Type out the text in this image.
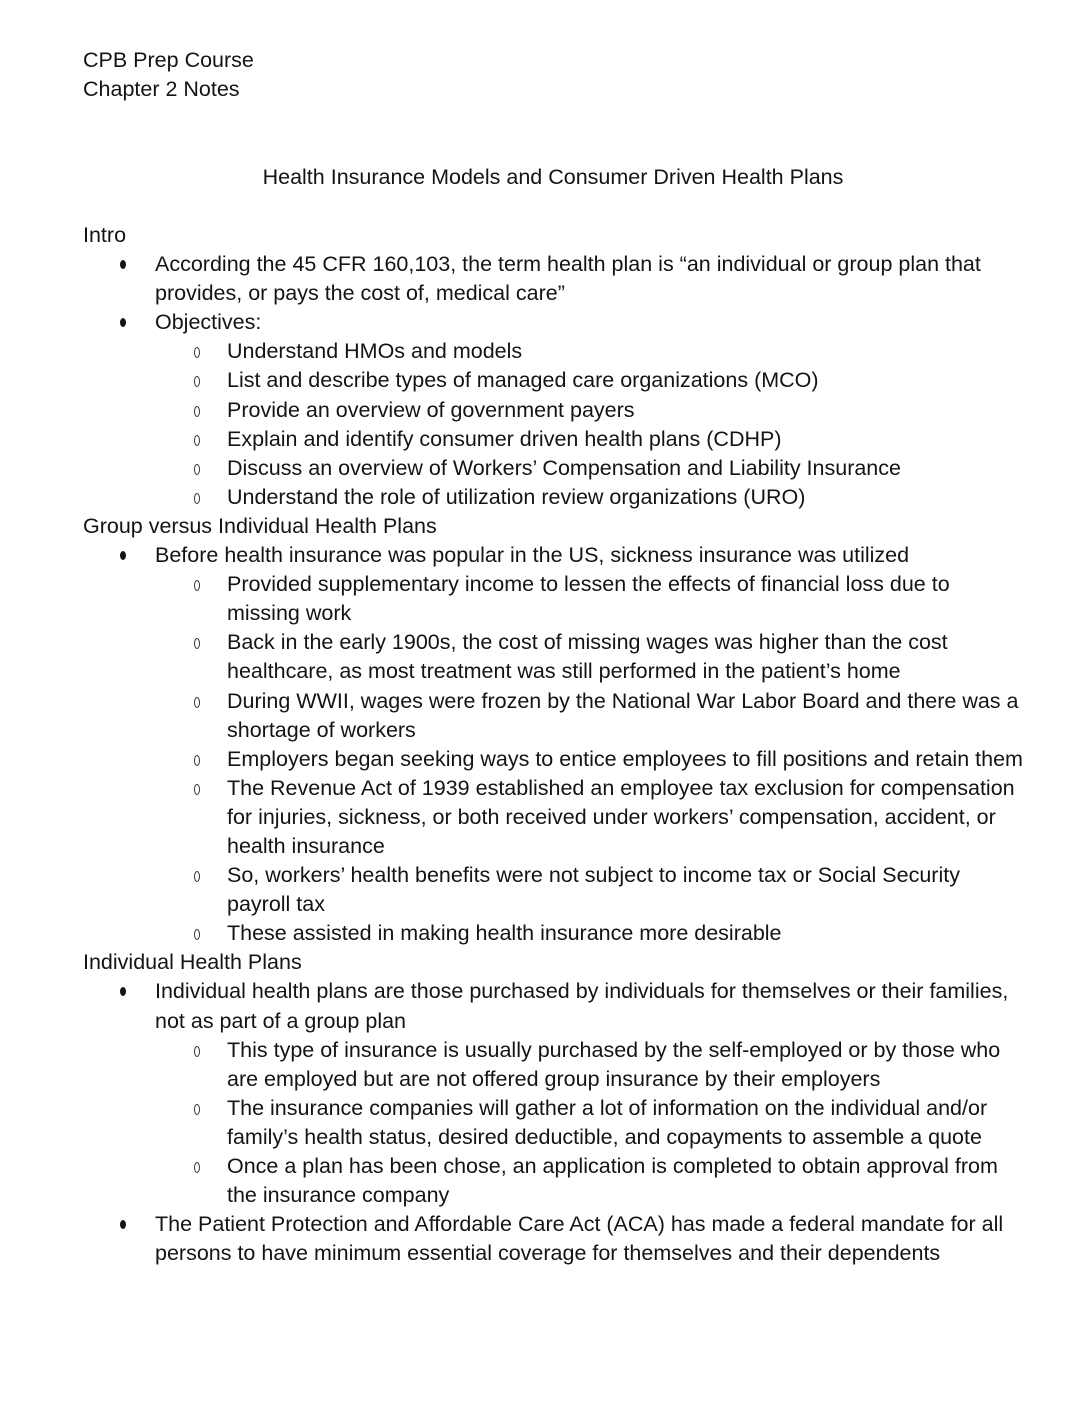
CPB Prep Course
Chapter 2 Notes
Health Insurance Models and Consumer Driven Health Plans
Intro
According the 45 CFR 160,103, the term health plan is “an individual or group plan that provides, or pays the cost of, medical care”
Objectives:
Understand HMOs and models
List and describe types of managed care organizations (MCO)
Provide an overview of government payers
Explain and identify consumer driven health plans (CDHP)
Discuss an overview of Workers’ Compensation and Liability Insurance
Understand the role of utilization review organizations (URO)
Group versus Individual Health Plans
Before health insurance was popular in the US, sickness insurance was utilized
Provided supplementary income to lessen the effects of financial loss due to missing work
Back in the early 1900s, the cost of missing wages was higher than the cost healthcare, as most treatment was still performed in the patient’s home
During WWII, wages were frozen by the National War Labor Board and there was a shortage of workers
Employers began seeking ways to entice employees to fill positions and retain them
The Revenue Act of 1939 established an employee tax exclusion for compensation for injuries, sickness, or both received under workers’ compensation, accident, or health insurance
So, workers’ health benefits were not subject to income tax or Social Security payroll tax
These assisted in making health insurance more desirable
Individual Health Plans
Individual health plans are those purchased by individuals for themselves or their families, not as part of a group plan
This type of insurance is usually purchased by the self-employed or by those who are employed but are not offered group insurance by their employers
The insurance companies will gather a lot of information on the individual and/or family’s health status, desired deductible, and copayments to assemble a quote
Once a plan has been chose, an application is completed to obtain approval from the insurance company
The Patient Protection and Affordable Care Act (ACA) has made a federal mandate for all persons to have minimum essential coverage for themselves and their dependents
